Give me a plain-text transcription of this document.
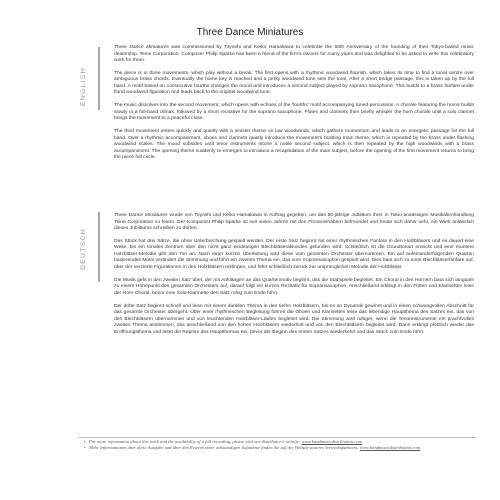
Three Dance Miniatures
ENGLISH

Three Dance Miniatures was commissioned by Toyoshi and Keiko Hamakawa to celebrate the 50th Anniversary of the founding of their Tokyo-based music dealership, Teine Corporation. Composer Philip Sparke has been a friend of the firm's owners for many years and was delighted to be asked to write this celebratory work for them.

The piece is in three movements, which play without a break. The first opens with a rhythmic woodwind flourish, which takes its time to find a tonal centre over ambiguous brass chords. Eventually the home key is reached and a perky woodwind tune sets the tone. After a short bridge passage, this is taken up by the full band. A motif based on consecutive fourths changes the mood and introduces a second subject played by soprano saxophone. This builds to a brass fanfare under florid woodwind figuration and leads back to the original woodwind tune.

The music dissolves into the second movement, which opens with echoes of the 'fourths' motif accompanying tuned percussion. A chorale featuring the horns builds slowly to a full-band climax, followed by a short recitative for the soprano saxophone. Flutes and clarinets then briefly whisper the horn chorale until a solo clarinet brings the movement to a peaceful close.

The third movement enters quickly and quietly with a sinister theme on low woodwinds, which gathers momentum and leads to an energetic passage for the full band. Over a rhythmic accompaniment, oboes and clarinets quietly introduce the movement's bustling main theme, which is repeated by the brass under flashing woodwind scales. The mood subsides until tenor instruments intone a noble second subject, which is then repeated by the high woodwinds with a brass accompaniment. The opening theme suddenly re-emerges to introduce a recapitulation of the main subject, before the opening of the first movement returns to bring the piece full circle.

DEUTSCH

Three Dance Miniatures wurde von Toyoshi und Keiko Hamakawa in Auftrag gegeben, um das 50-jährige Jubiläum ihrer in Tokio ansässigen Musikalienhandlung Teine Corporation zu feiern. Der Komponist Philip Sparke ist seit vielen Jahren mit den Firmeninhabern befreundet und freute sich daher sehr, ein Werk anlässlich dieses Jubiläums schreiben zu dürfen.

Das Stück hat drei Sätze, die ohne Unterbrechung gespielt werden. Der erste Satz beginnt mit einer rhythmischen Fanfare in den Holzbläsern und es dauert eine Weile, bis ein tonales Zentrum über den nicht ganz eindeutigen Blechbläserakkorden gefunden wird. Schließlich ist die Grundtonart erreicht und eine muntere Holzbläser-Melodie gibt den Ton an. Nach einer kurzen Überleitung wird diese vom gesamten Orchester übernommen. Ein auf aufeinanderfolgenden Quarten basierendes Motiv verändert die Stimmung und führt ein zweites Thema ein, das vom Sopransaxophon gespielt wird. Dies baut sich zu einer Blechbläserfanfare auf, über der verzierte Figurationen in den Holzbläsern erklingen, und führt schließlich zurück zur ursprünglichen Melodie der Holzbläser.

Die Musik geht in den zweiten Satz über, der mit Anklängen an das Quartenmotiv beginnt, das die Stabspiele begleitet. Ein Choral in den Hörnern baut sich langsam zu einem Höhepunkt des gesamten Orchesters auf, darauf folgt ein kurzes Rezitativ für Sopransaxophon. Anschließend erklingt in den Flöten und Klarinetten leise der Horn-Choral, bevor eine Solo-Klarinette den Satz ruhig zum Ende führt.

Der dritte Satz beginnt schnell und leise mit einem dunklen Thema in den tiefen Holzbläsern, bis es an Dynamik gewinnt und in einen schwungvollen Abschnitt für das gesamte Orchester übergeht. Über einer rhythmischen Begleitung führen die Oboen und Klarinetten leise das lebendige Hauptthema des Satzes ein, das von den Blechbläsern übernommen und von leuchtenden Holzbläser-Läufen begleitet wird. Die Stimmung wird ruhiger, wenn die Tenorinstrumente ein prachtvolles zweites Thema anstimmen, das anschließend von den hohen Holzbläsern wiederholt und von den Blechbläsern begleitet wird. Dann erklingt plötzlich wieder das Eröffnungsthema und leitet die Reprise des Hauptthemas ein, bevor der Beginn des ersten Satzes wiederkehrt und das Stück zum Ende führt.

• For more information about this work and the availability of a full recording, please visit our distributor's website: www.bandmusicdistribution.com
• Mehr Informationen über diese Ausgabe und über den Erwerb einer vollständigen Aufnahme finden Sie auf der Website unseres Vertriebspartners: www.bandmusicdistribution.com
